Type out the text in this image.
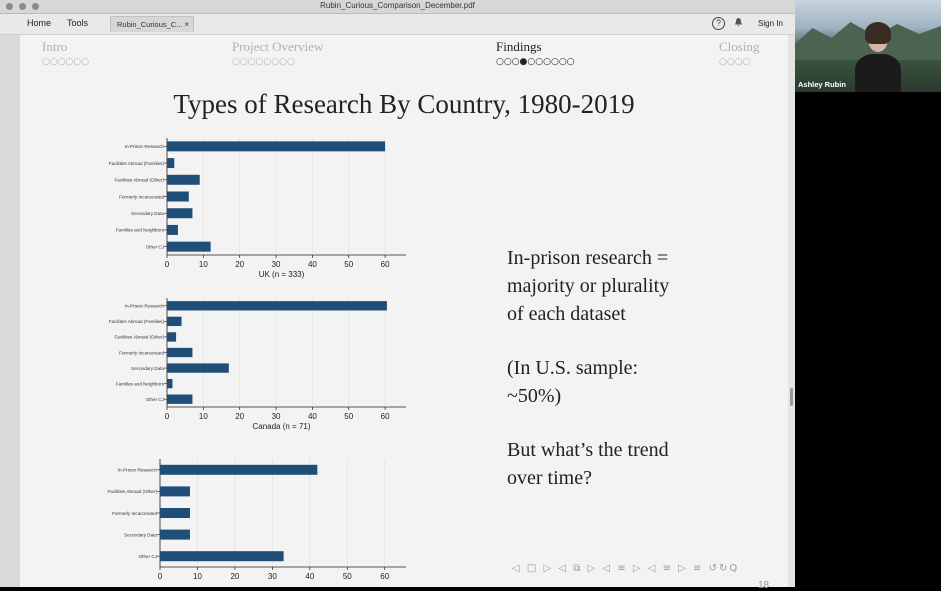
Rubin_Curious_Comparison_December.pdf
Home Tools	Rubin_Curious_C... ×	?	Sign In
Intro
○○○○○○
Project Overview
○○○○○○○○
Findings
○○○●○○○○○○
Closing
○○○○
Types of Research By Country, 1980-2019
0	10	20	30	40	50	60
In-Prison Research
Facilities Abroad (Families)
Facilities Abroad (Other)
Formerly Incarcerated
Secondary Data
Families and Neighbors
Other CJ
UK (n = 333)
0	10	20	30	40	50	60
In-Prison Research
Facilities Abroad (Families)
Facilities Abroad (Other)
Formerly Incarcerated
Secondary Data
Families and Neighbors
Other CJ
Canada (n = 71)
0	10	20	30	40	50	60
In-Prison Research
Facilities Abroad (Other)
Formerly Incarcerated
Secondary Data
Other CJ
In-prison research =
majority or plurality
of each dataset
(In U.S. sample:
~50%)
But what’s the trend
over time?
◁ □ ▷ ◁ ⧉ ▷ ◁ ≡ ▷ ◁ ≡ ▷ ≡ ↺↻Q
18
Ashley Rubin
